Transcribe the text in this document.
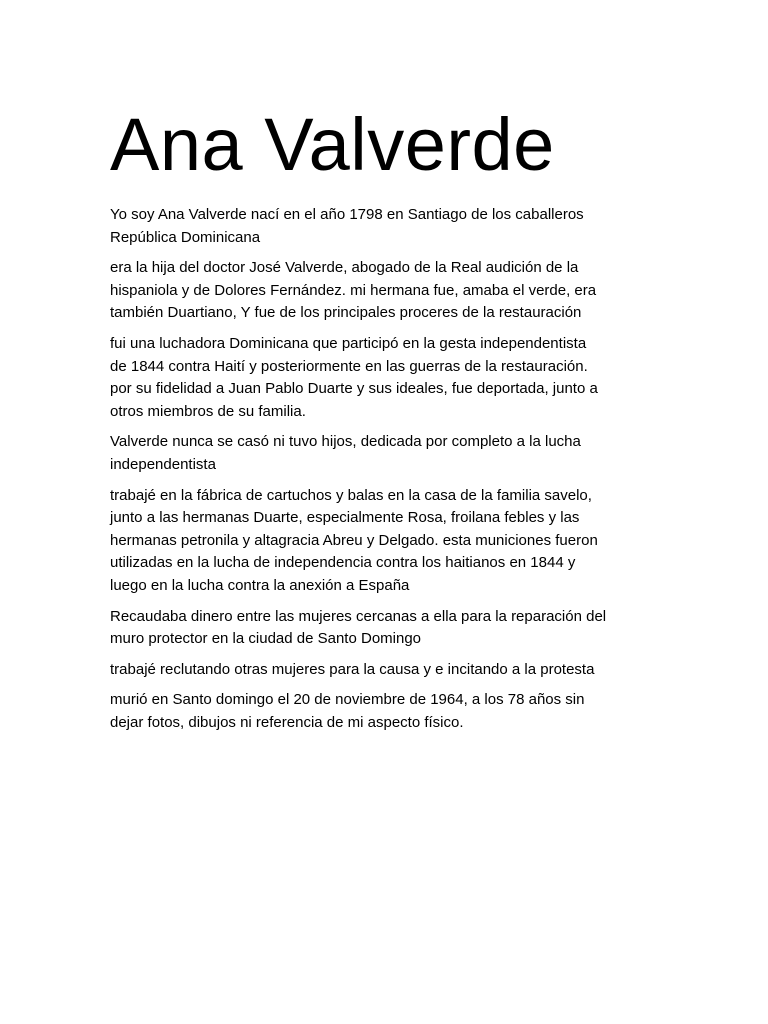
Ana Valverde

Yo soy Ana Valverde nací en el año 1798 en Santiago de los caballeros
República Dominicana

era la hija del doctor José Valverde, abogado de la Real audición de la
hispaniola y de Dolores Fernández. mi hermana fue, amaba el verde, era
también Duartiano, Y fue de los principales proceres de la restauración

fui una luchadora Dominicana que participó en la gesta independentista
de 1844 contra Haití y posteriormente en las guerras de la restauración.
por su fidelidad a Juan Pablo Duarte y sus ideales, fue deportada, junto a
otros miembros de su familia.

Valverde nunca se casó ni tuvo hijos, dedicada por completo a la lucha
independentista

trabajé en la fábrica de cartuchos y balas en la casa de la familia savelo,
junto a las hermanas Duarte, especialmente Rosa, froilana febles y las
hermanas petronila y altagracia Abreu y Delgado. esta municiones fueron
utilizadas en la lucha de independencia contra los haitianos en 1844 y
luego en la lucha contra la anexión a España

Recaudaba dinero entre las mujeres cercanas a ella para la reparación del
muro protector en la ciudad de Santo Domingo

trabajé reclutando otras mujeres para la causa y e incitando a la protesta

murió en Santo domingo el 20 de noviembre de 1964, a los 78 años sin
dejar fotos, dibujos ni referencia de mi aspecto físico.
